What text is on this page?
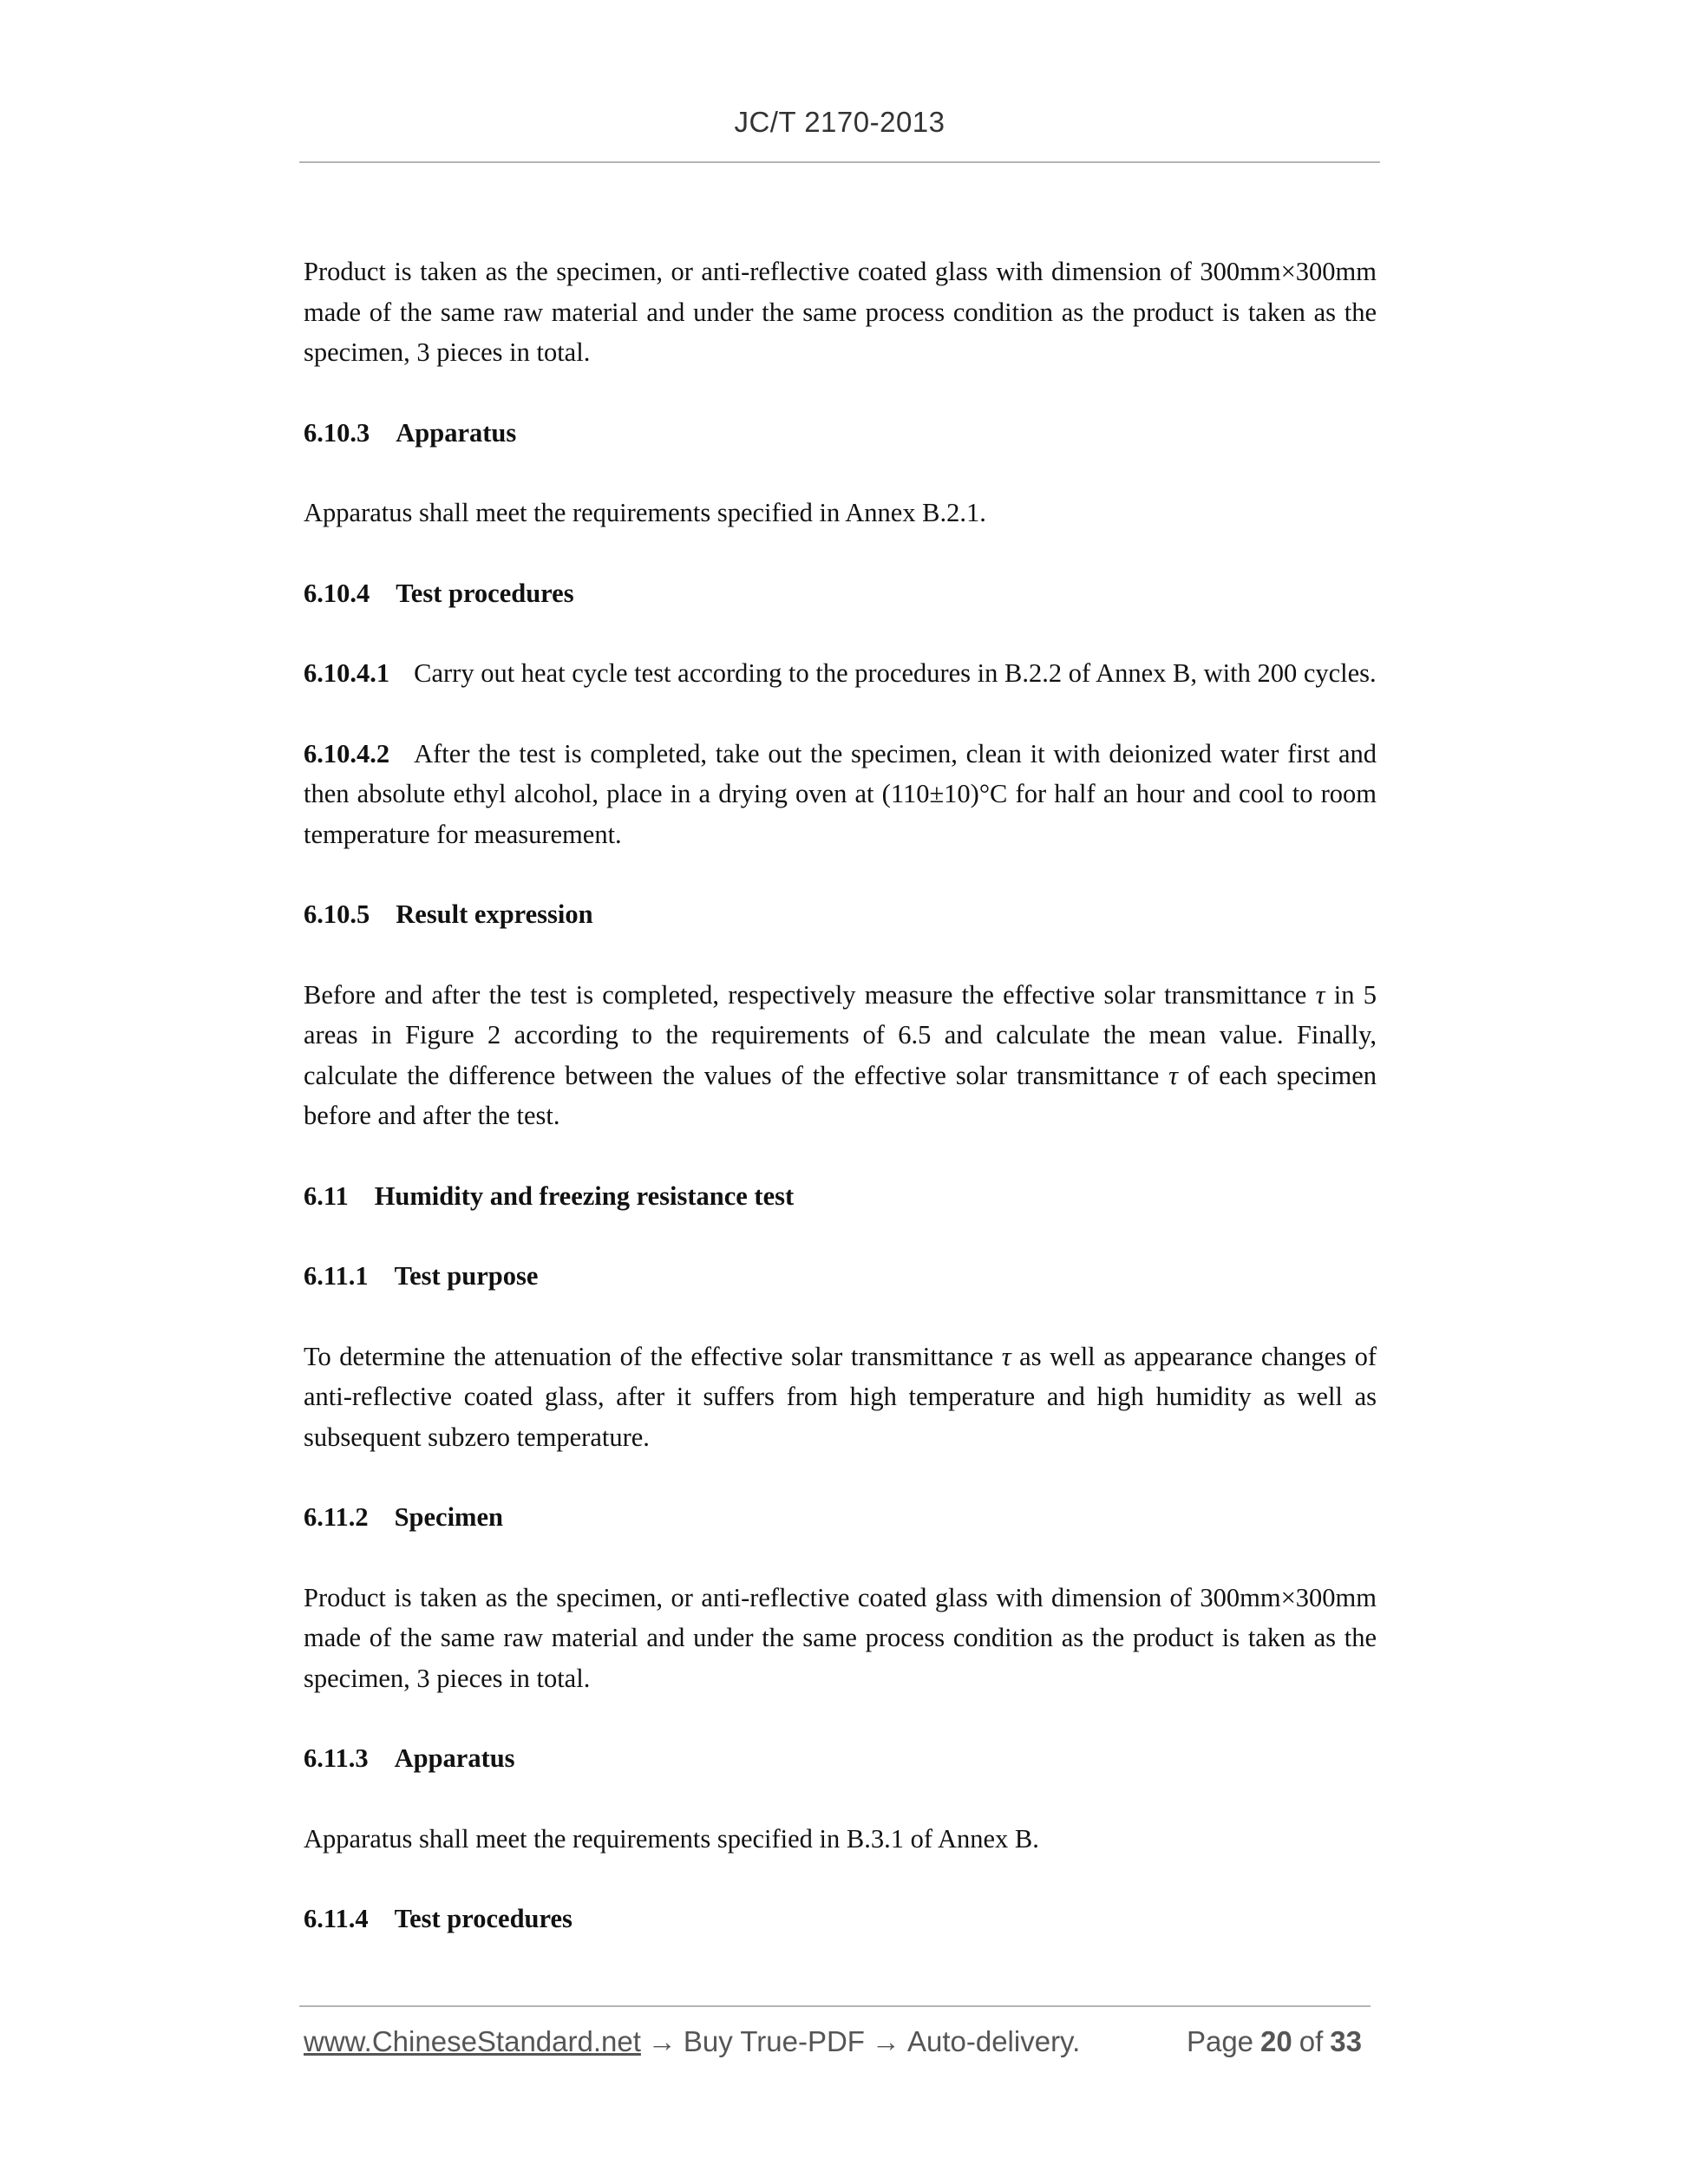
JC/T 2170-2013

Product is taken as the specimen, or anti-reflective coated glass with dimension of 300mm×300mm made of the same raw material and under the same process condition as the product is taken as the specimen, 3 pieces in total.

6.10.3 Apparatus

Apparatus shall meet the requirements specified in Annex B.2.1.

6.10.4 Test procedures

6.10.4.1 Carry out heat cycle test according to the procedures in B.2.2 of Annex B, with 200 cycles.

6.10.4.2 After the test is completed, take out the specimen, clean it with deionized water first and then absolute ethyl alcohol, place in a drying oven at (110±10)°C for half an hour and cool to room temperature for measurement.

6.10.5 Result expression

Before and after the test is completed, respectively measure the effective solar transmittance τ in 5 areas in Figure 2 according to the requirements of 6.5 and calculate the mean value. Finally, calculate the difference between the values of the effective solar transmittance τ of each specimen before and after the test.

6.11 Humidity and freezing resistance test
6.11.1 Test purpose

To determine the attenuation of the effective solar transmittance τ as well as appearance changes of anti-reflective coated glass, after it suffers from high temperature and high humidity as well as subsequent subzero temperature.

6.11.2 Specimen

Product is taken as the specimen, or anti-reflective coated glass with dimension of 300mm×300mm made of the same raw material and under the same process condition as the product is taken as the specimen, 3 pieces in total.

6.11.3 Apparatus

Apparatus shall meet the requirements specified in B.3.1 of Annex B.

6.11.4 Test procedures
www.ChineseStandard.net → Buy True-PDF → Auto-delivery.	Page 20 of 33
